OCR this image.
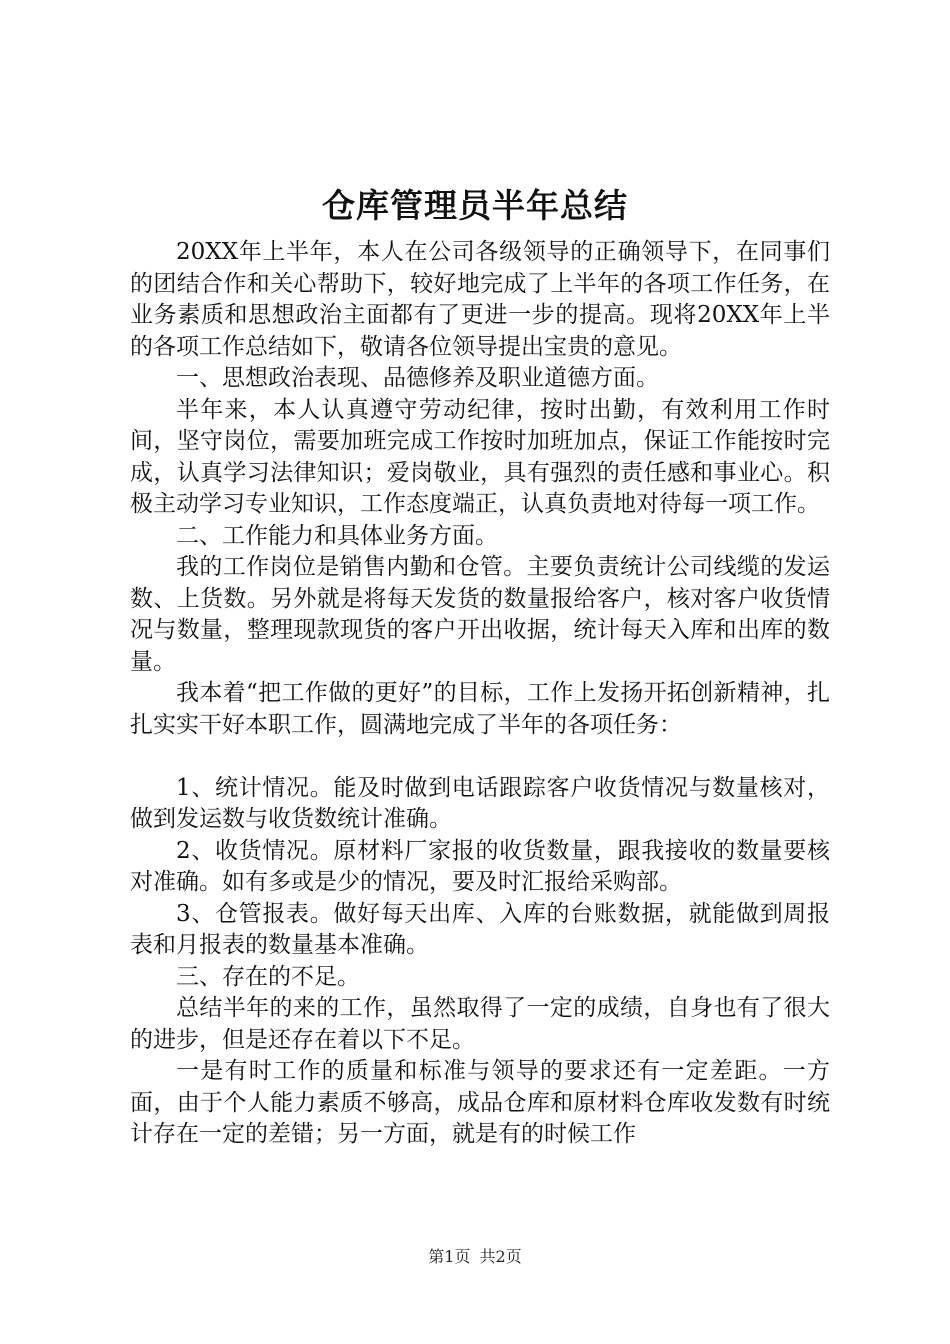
仓库管理员半年总结

20XX年上半年，本人在公司各级领导的正确领导下，在同事们的团结合作和关心帮助下，较好地完成了上半年的各项工作任务，在业务素质和思想政治主面都有了更进一步的提高。现将20XX年上半的各项工作总结如下，敬请各位领导提出宝贵的意见。

一、思想政治表现、品德修养及职业道德方面。

半年来，本人认真遵守劳动纪律，按时出勤，有效利用工作时间，坚守岗位，需要加班完成工作按时加班加点，保证工作能按时完成，认真学习法律知识；爱岗敬业，具有强烈的责任感和事业心。积极主动学习专业知识，工作态度端正，认真负责地对待每一项工作。

二、工作能力和具体业务方面。

我的工作岗位是销售内勤和仓管。主要负责统计公司线缆的发运数、上货数。另外就是将每天发货的数量报给客户，核对客户收货情况与数量，整理现款现货的客户开出收据，统计每天入库和出库的数量。

我本着“把工作做的更好”的目标，工作上发扬开拓创新精神，扎扎实实干好本职工作，圆满地完成了半年的各项任务：

1、统计情况。能及时做到电话跟踪客户收货情况与数量核对，做到发运数与收货数统计准确。

2、收货情况。原材料厂家报的收货数量，跟我接收的数量要核对准确。如有多或是少的情况，要及时汇报给采购部。

3、仓管报表。做好每天出库、入库的台账数据，就能做到周报表和月报表的数量基本准确。

三、存在的不足。

总结半年的来的工作，虽然取得了一定的成绩，自身也有了很大的进步，但是还存在着以下不足。

一是有时工作的质量和标准与领导的要求还有一定差距。一方面，由于个人能力素质不够高，成品仓库和原材料仓库收发数有时统计存在一定的差错；另一方面，就是有的时候工作

第1页 共2页
